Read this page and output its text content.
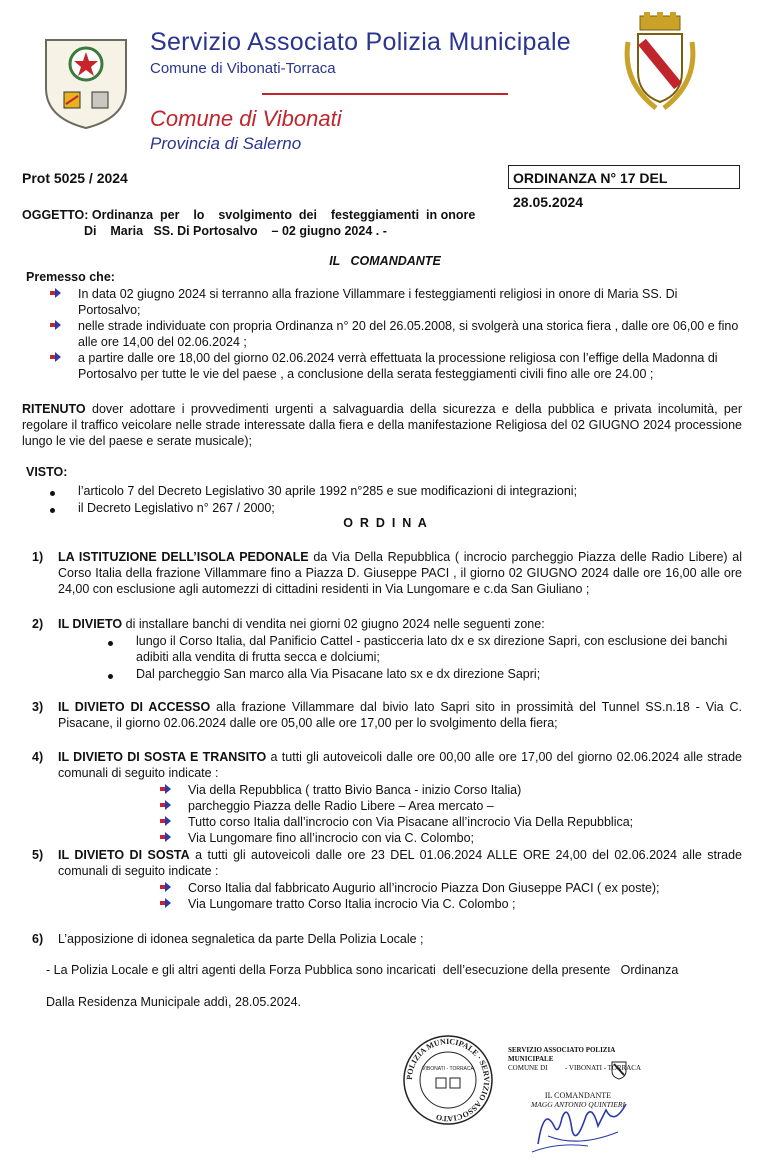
Servizio Associato Polizia Municipale
Comune di Vibonati-Torraca
Comune di Vibonati
Provincia di Salerno
Prot 5025 / 2024	ORDINANZA N° 17 DEL 28.05.2024
OGGETTO: Ordinanza  per    lo    svolgimento  dei    festeggiamenti  in onore
Di    Maria   SS. Di Portosalvo    – 02 giugno 2024 . -
IL   COMANDANTE
Premesso che:
In data 02 giugno 2024 si terranno alla frazione Villammare i festeggiamenti religiosi in onore di Maria SS. Di Portosalvo;
nelle strade individuate con propria Ordinanza n° 20 del 26.05.2008, si svolgerà una storica fiera , dalle ore 06,00 e fino alle ore 14,00 del 02.06.2024 ;
a partire dalle ore 18,00 del giorno 02.06.2024 verrà effettuata la processione religiosa con l’effige della Madonna di Portosalvo per tutte le vie del paese , a conclusione della serata festeggiamenti civili fino alle ore 24.00 ;
RITENUTO dover adottare i provvedimenti urgenti a salvaguardia della sicurezza e della pubblica e privata incolumità, per regolare il traffico veicolare nelle strade interessate dalla fiera e della manifestazione Religiosa del 02 GIUGNO 2024 processione lungo le vie del paese e serate musicale);
VISTO:
l’articolo 7 del Decreto Legislativo 30 aprile 1992 n°285 e sue modificazioni di integrazioni;
il Decreto Legislativo n° 267 / 2000;
O  R  D  I  N  A
1) LA ISTITUZIONE DELL’ISOLA PEDONALE da Via Della Repubblica ( incrocio parcheggio Piazza delle Radio Libere) al Corso Italia della frazione Villammare fino a Piazza D. Giuseppe PACI , il giorno 02 GIUGNO 2024 dalle ore 16,00 alle ore 24,00 con esclusione agli automezzi di cittadini residenti in Via Lungomare e c.da San Giuliano ;
2) IL DIVIETO di installare banchi di vendita nei giorni 02 giugno 2024 nelle seguenti zone:
lungo il Corso Italia, dal Panificio Cattel - pasticceria lato dx e sx direzione Sapri, con esclusione dei banchi adibiti alla vendita di frutta secca e dolciumi;
Dal parcheggio San marco alla Via Pisacane lato sx e dx direzione Sapri;
3) IL DIVIETO DI ACCESSO alla frazione Villammare dal bivio lato Sapri sito in prossimità del Tunnel SS.n.18 - Via C. Pisacane, il giorno 02.06.2024 dalle ore 05,00 alle ore 17,00 per lo svolgimento della fiera;
4) IL DIVIETO DI SOSTA E TRANSITO a tutti gli autoveicoli dalle ore 00,00 alle ore 17,00 del giorno 02.06.2024 alle strade comunali di seguito indicate :
Via della Repubblica ( tratto Bivio Banca - inizio Corso Italia)
parcheggio Piazza delle Radio Libere – Area mercato –
Tutto corso Italia dall’incrocio con Via Pisacane all’incrocio Via Della Repubblica;
Via Lungomare fino all’incrocio con via C. Colombo;
5) IL DIVIETO DI SOSTA a tutti gli autoveicoli dalle ore 23 DEL 01.06.2024 ALLE ORE 24,00 del 02.06.2024 alle strade comunali di seguito indicate :
Corso Italia dal fabbricato Augurio all’incrocio Piazza Don Giuseppe PACI ( ex poste);
Via Lungomare tratto Corso Italia incrocio Via C. Colombo ;
6) L’apposizione di idonea segnaletica da parte Della Polizia Locale ;
- La Polizia Locale e gli altri agenti della Forza Pubblica sono incaricati  dell’esecuzione della presente   Ordinanza
Dalla Residenza Municipale addì, 28.05.2024.
POLIZIA MUNICIPALE · SERVIZIO ASSOCIATO
VIBONATI - TORRACA
SERVIZIO ASSOCIATO POLIZIA MUNICIPALE
COMUNE DI          - VIBONATI - TORRACA
IL COMANDANTE
MAGG ANTONIO QUINTIERI
